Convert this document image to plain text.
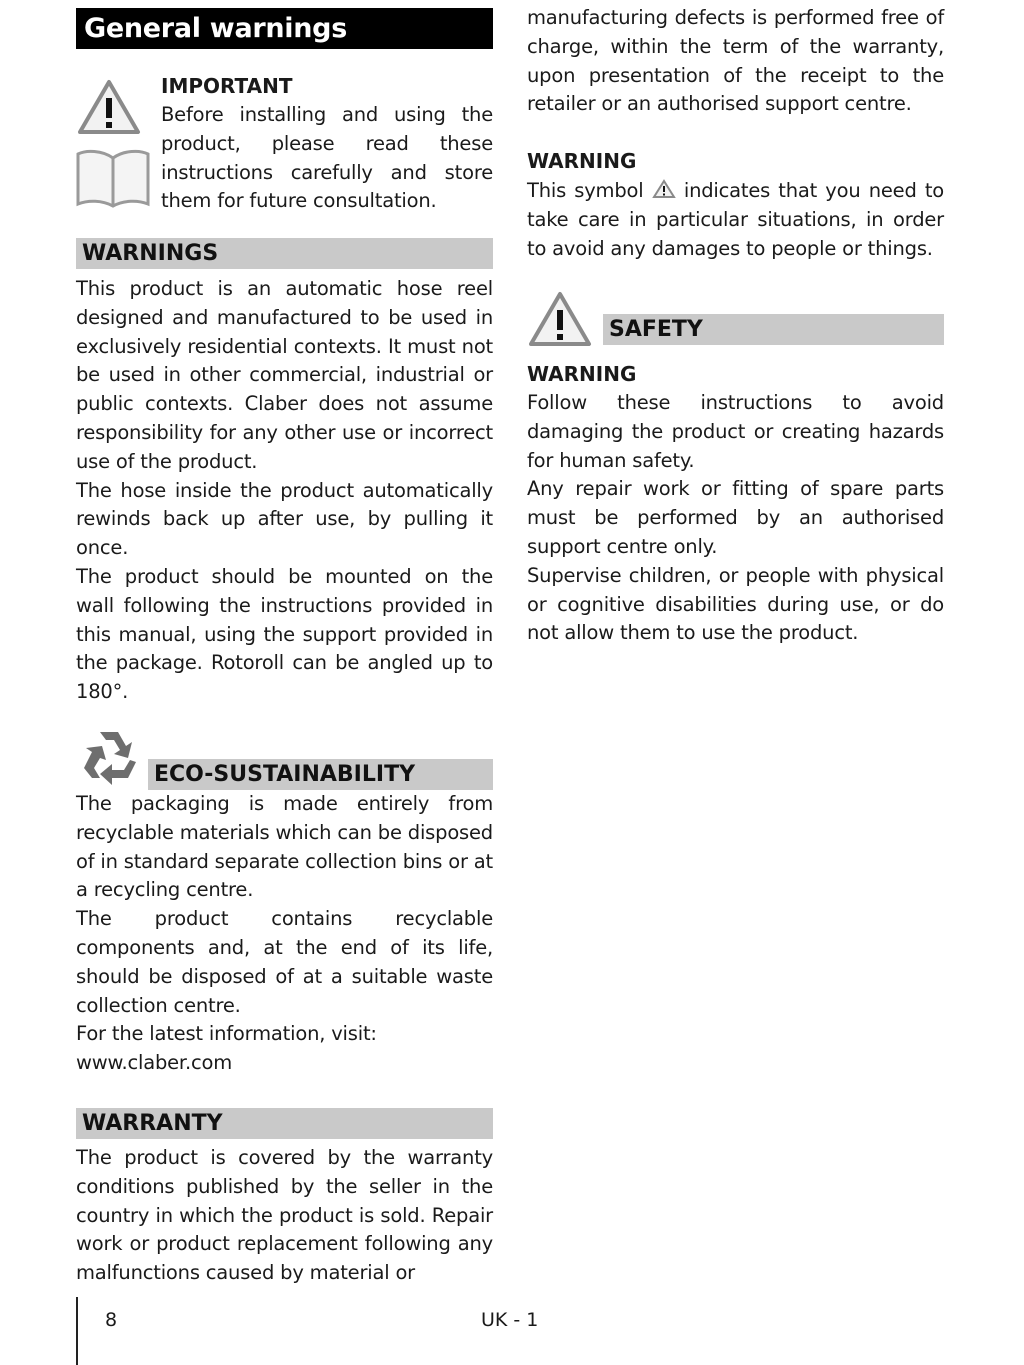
General warnings
IMPORTANT

Before installing and using the product, please read these instructions carefully and store them for future consultation.

WARNINGS

This product is an automatic hose reel designed and manufactured to be used in exclusively residential contexts. It must not be used in other commercial, industrial or public contexts. Claber does not assume responsibility for any other use or incorrect use of the product.

The hose inside the product automatically rewinds back up after use, by pulling it once.

The product should be mounted on the wall following the instructions provided in this manual, using the support provided in the package. Rotoroll can be angled up to 180°.

ECO-SUSTAINABILITY

The packaging is made entirely from recyclable materials which can be disposed of in standard separate collection bins or at a recycling centre.

The product contains recyclable components and, at the end of its life, should be disposed of at a suitable waste collection centre.

For the latest information, visit:

www.claber.com

WARRANTY

The product is covered by the warranty conditions published by the seller in the country in which the product is sold. Repair work or product replacement following any malfunctions caused by material or

manufacturing defects is performed free of charge, within the term of the warranty, upon presentation of the receipt to the retailer or an authorised support centre.

WARNING

This symbol indicates that you need to take care in particular situations, in order to avoid any damages to people or things.

SAFETY
WARNING

Follow these instructions to avoid damaging the product or creating hazards for human safety.

Any repair work or fitting of spare parts must be performed by an authorised support centre only.

Supervise children, or people with physical or cognitive disabilities during use, or do not allow them to use the product.

8	UK - 1
